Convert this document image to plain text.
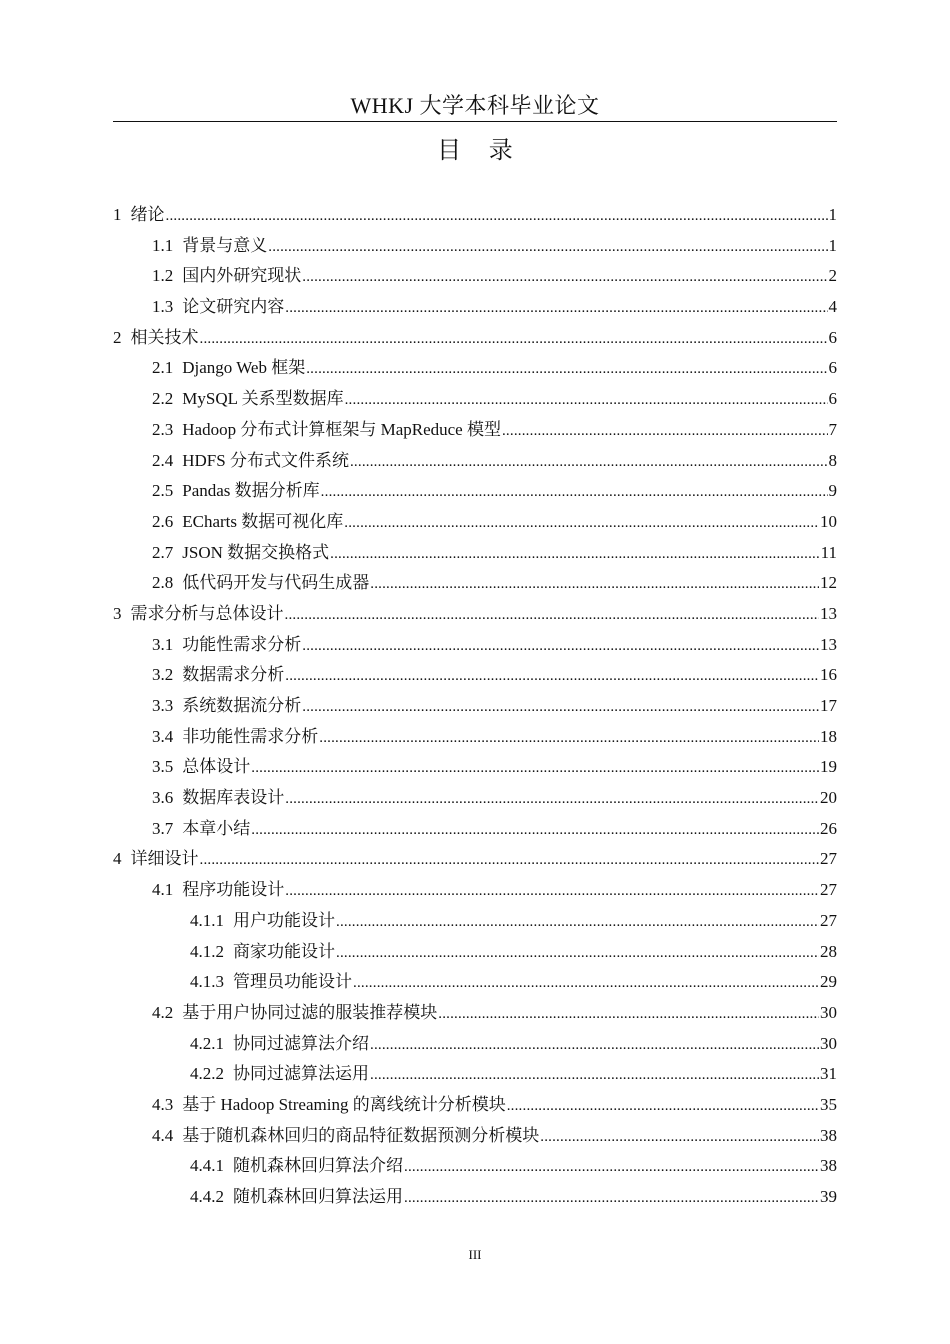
WHKJ 大学本科毕业论文
目 录
1 绪论 .....	1
1.1 背景与意义 .....	1
1.2 国内外研究现状 .....	2
1.3 论文研究内容 .....	4
2 相关技术 .....	6
2.1 Django Web 框架 .....	6
2.2 MySQL 关系型数据库 .....	6
2.3 Hadoop 分布式计算框架与 MapReduce 模型 .....	7
2.4 HDFS 分布式文件系统 .....	8
2.5 Pandas 数据分析库 .....	9
2.6 ECharts 数据可视化库 .....	10
2.7 JSON 数据交换格式 .....	11
2.8 低代码开发与代码生成器 .....	12
3 需求分析与总体设计 .....	13
3.1 功能性需求分析 .....	13
3.2 数据需求分析 .....	16
3.3 系统数据流分析 .....	17
3.4 非功能性需求分析 .....	18
3.5 总体设计 .....	19
3.6 数据库表设计 .....	20
3.7 本章小结 .....	26
4 详细设计 .....	27
4.1 程序功能设计 .....	27
4.1.1 用户功能设计 .....	27
4.1.2 商家功能设计 .....	28
4.1.3 管理员功能设计 .....	29
4.2 基于用户协同过滤的服装推荐模块 .....	30
4.2.1 协同过滤算法介绍 .....	30
4.2.2 协同过滤算法运用 .....	31
4.3 基于 Hadoop Streaming 的离线统计分析模块 .....	35
4.4 基于随机森林回归的商品特征数据预测分析模块 .....	38
4.4.1 随机森林回归算法介绍 .....	38
4.4.2 随机森林回归算法运用 .....	39
III
